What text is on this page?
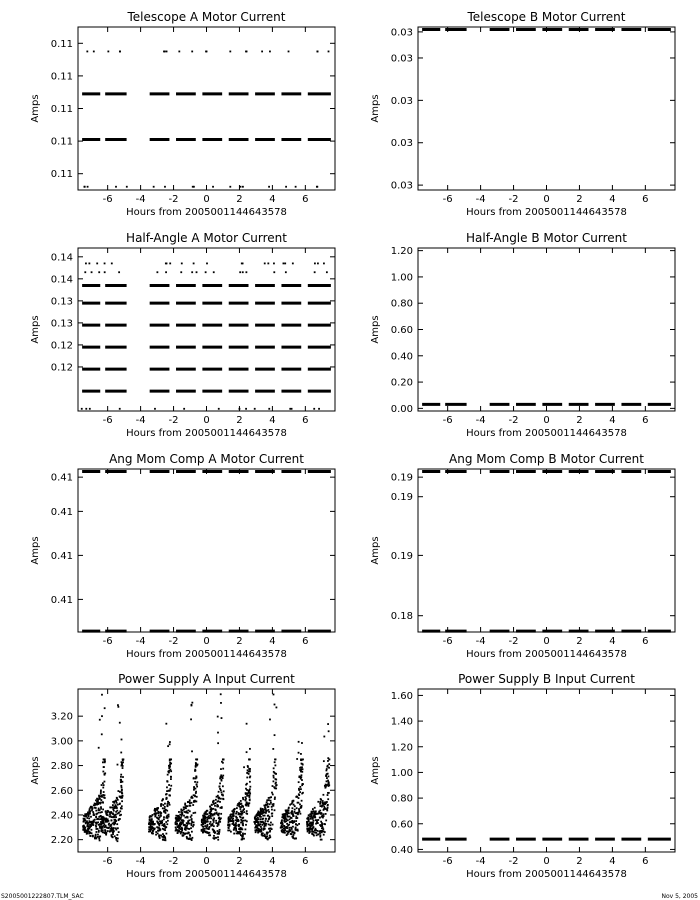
Telescope A Motor Current
Hours from 2005001144643578
Amps
-6 -4 -2 0	2	4	6
0.11
0.11
0.11
0.11
0.11
Telescope B Motor Current
Hours from 2005001144643578
Amps
-6 -4 -2 0	2	4	6
0.03
0.03
0.03
0.03
0.03
Half-Angle A Motor Current
Hours from 2005001144643578
Amps
-6 -4 -2 0	2	4	6
0.12
0.12
0.13
0.13
0.14
0.14
Half-Angle B Motor Current
Hours from 2005001144643578
Amps
-6 -4 -2 0	2	4	6
0.00
0.20
0.40
0.60
0.80
1.00
1.20
Ang Mom Comp A Motor Current
Hours from 2005001144643578
Amps
-6 -4 -2 0	2	4	6
0.41
0.41
0.41
0.41
Ang Mom Comp B Motor Current
Hours from 2005001144643578
Amps
-6 -4 -2 0	2	4	6
0.18
0.19
0.19
0.19
Power Supply A Input Current
Hours from 2005001144643578
Amps
-6 -4 -2 0	2	4	6
2.20
2.40
2.60
2.80
3.00
3.20
Power Supply B Input Current
Hours from 2005001144643578
Amps
-6 -4 -2 0	2	4	6
0.40
0.60
0.80
1.00
1.20
1.40
1.60
S2005001222807.TLM_SAC	Nov 5, 2005
